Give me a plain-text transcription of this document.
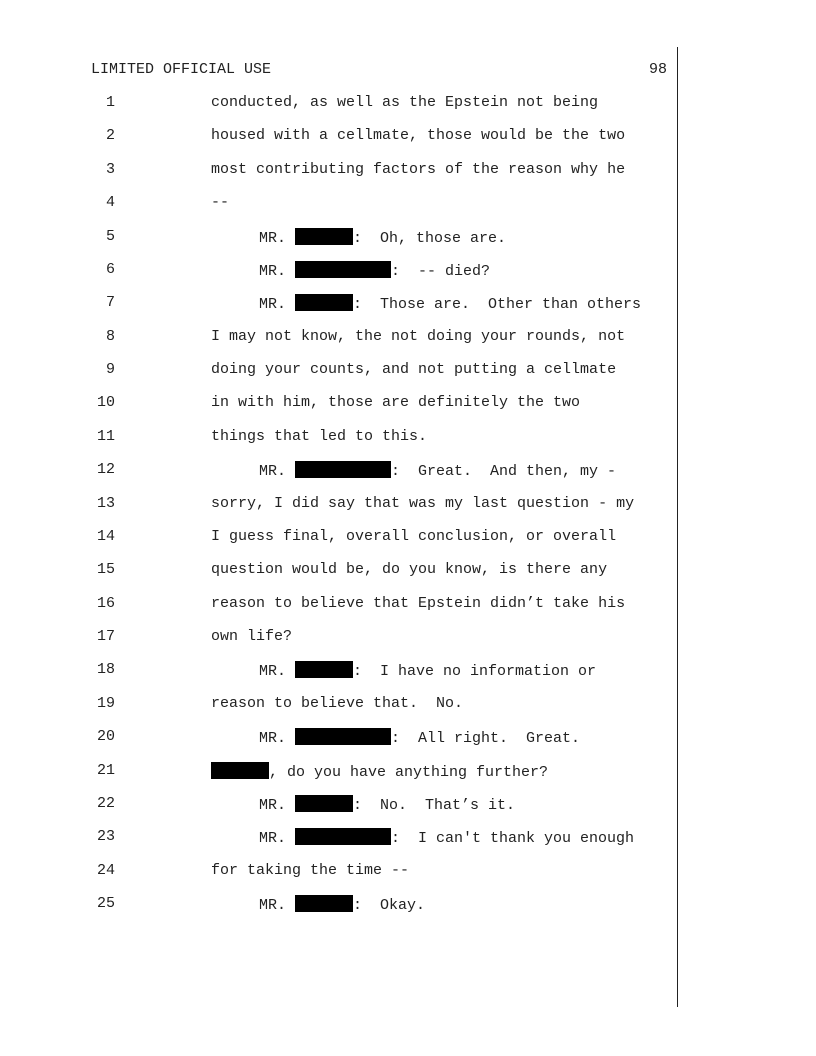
LIMITED OFFICIAL USE	98
1	conducted, as well as the Epstein not being
2	housed with a cellmate, those would be the two
3	most contributing factors of the reason why he
4	--
5	MR.	:  Oh, those are.
6	MR.	:  -- died?
7	MR.	:  Those are.  Other than others
8	I may not know, the not doing your rounds, not
9	doing your counts, and not putting a cellmate
10	in with him, those are definitely the two
11	things that led to this.
12	MR.	:  Great.  And then, my -
13	sorry, I did say that was my last question - my
14	I guess final, overall conclusion, or overall
15	question would be, do you know, is there any
16	reason to believe that Epstein didn’t take his
17	own life?
18	MR.	:  I have no information or
19	reason to believe that.  No.
20	MR.	:  All right.  Great.
21	, do you have anything further?
22	MR.	:  No.  That’s it.
23	MR.	:  I can't thank you enough
24	for taking the time --
25	MR.	:  Okay.
